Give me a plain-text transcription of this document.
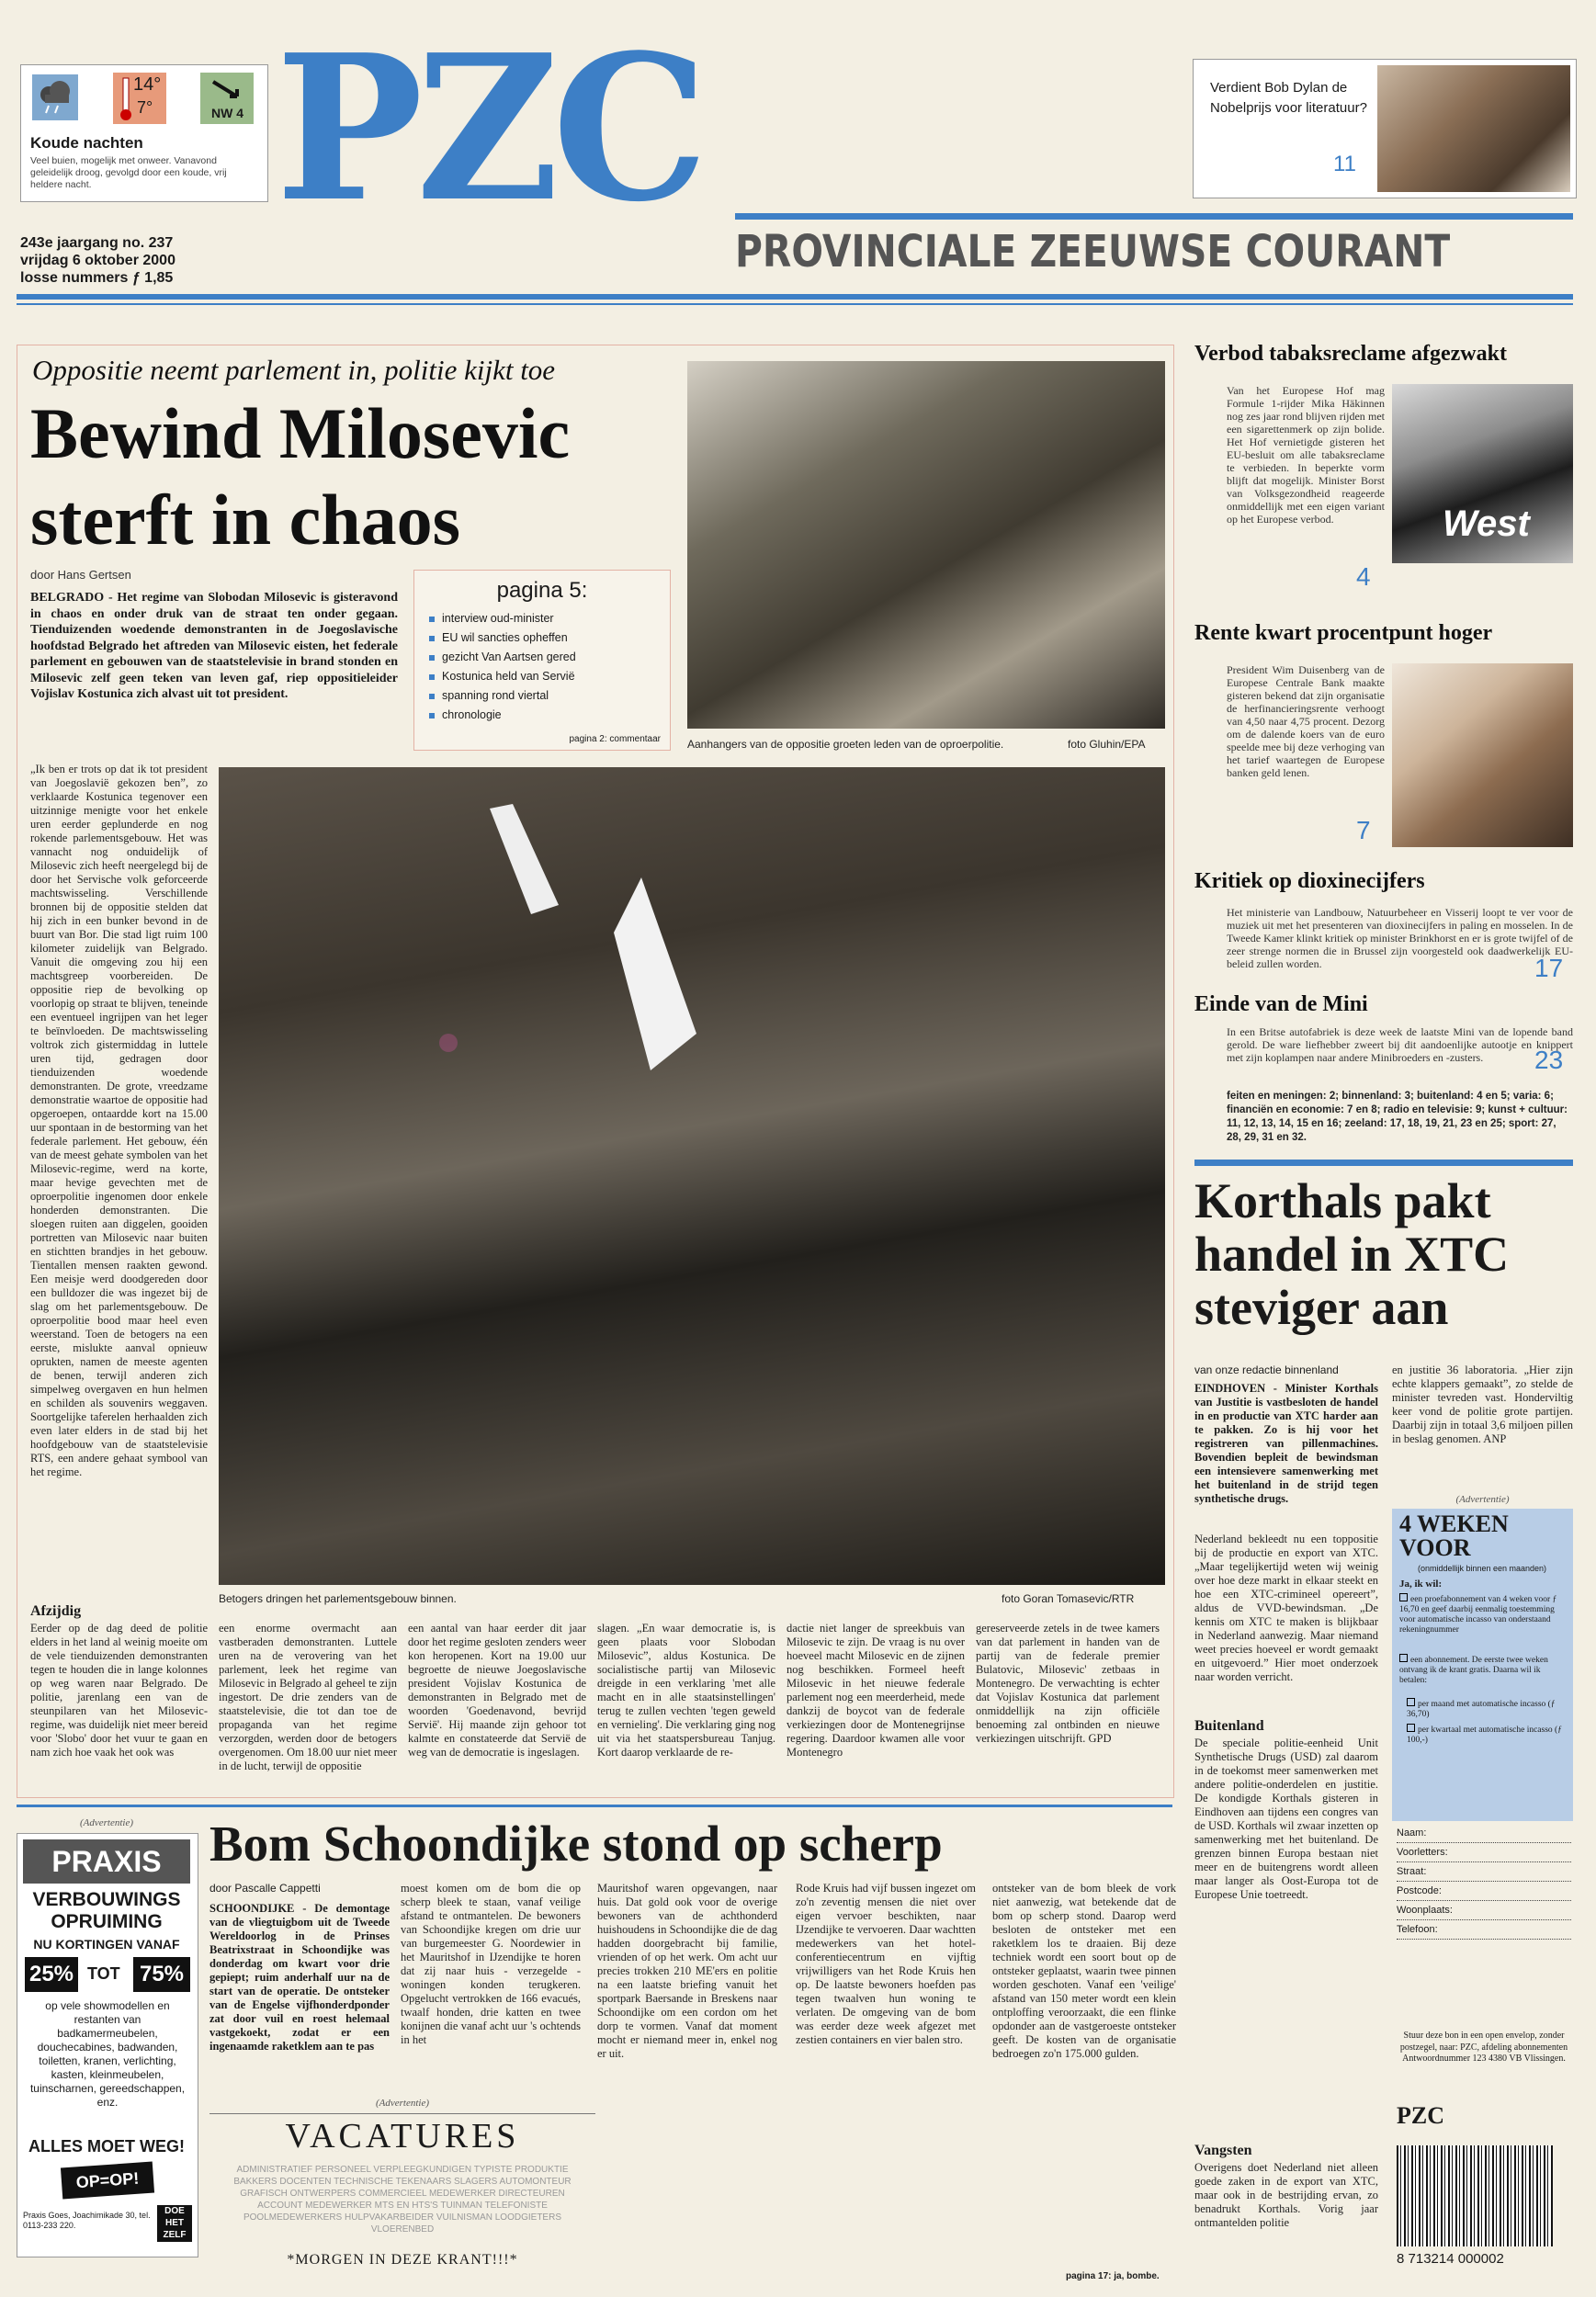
14°
7°	NW 4
Koude nachten
Veel buien, mogelijk met onweer. Vanavond geleidelijk droog, gevolgd door een koude, vrij heldere nacht. PZC
243e jaargang no. 237
vrijdag 6 oktober 2000
losse nummers ƒ 1,85
PROVINCIALE ZEEUWSE COURANT
Verdient Bob Dylan de Nobelprijs voor literatuur?
11
Oppositie neemt parlement in, politie kijkt toe
Bewind Milosevic
sterft in chaos
door Hans Gertsen
BELGRADO - Het regime van Slobodan Milosevic is gisteravond in chaos en onder druk van de straat ten onder gegaan. Tienduizenden woedende demonstranten in de Joegoslavische hoofdstad Belgrado het aftreden van Milosevic eisten, het federale parlement en gebouwen van de staatstelevisie in brand stonden en Milosevic zelf geen teken van leven gaf, riep oppositieleider Vojislav Kostunica zich alvast uit tot president.
pagina 5:
interview oud-minister
EU wil sancties opheffen
gezicht Van Aartsen gered
Kostunica held van Servië
spanning rond viertal
chronologie
pagina 2: commentaar Aanhangers van de oppositie groeten leden van de oproerpolitie.	foto Gluhin/EPA
„Ik ben er trots op dat ik tot president van Joegoslavië gekozen ben”, zo verklaarde Kostunica tegenover een uitzinnige menigte voor het enkele uren eerder geplunderde en nog rokende parlementsgebouw. Het was vannacht nog onduidelijk of Milosevic zich heeft neergelegd bij de door het Servische volk geforceerde machtswisseling. Verschillende bronnen bij de oppositie stelden dat hij zich in een bunker bevond in de buurt van Bor. Die stad ligt ruim 100 kilometer zuidelijk van Belgrado. Vanuit die omgeving zou hij een machtsgreep voorbereiden. De oppositie riep de bevolking op voorlopig op straat te blijven, teneinde een eventueel ingrijpen van het leger te beïnvloeden. De machtswisseling voltrok zich gistermiddag in luttele uren tijd, gedragen door tienduizenden woedende demonstranten. De grote, vreedzame demonstratie waartoe de oppositie had opgeroepen, ontaardde kort na 15.00 uur spontaan in de bestorming van het federale parlement. Het gebouw, één van de meest gehate symbolen van het Milosevic-regime, werd na korte, maar hevige gevechten met de oproerpolitie ingenomen door enkele honderden demonstranten. Die sloegen ruiten aan diggelen, gooiden portretten van Milosevic naar buiten en stichtten brandjes in het gebouw. Tientallen mensen raakten gewond. Een meisje werd doodgereden door een bulldozer die was ingezet bij de slag om het parlementsgebouw. De oproerpolitie bood maar heel even weerstand. Toen de betogers na een eerste, mislukte aanval opnieuw oprukten, namen de meeste agenten de benen, terwijl anderen zich simpelweg overgaven en hun helmen en schilden als souvenirs weggaven. Soortgelijke taferelen herhaalden zich even later elders in de stad bij het hoofdgebouw van de staatstelevisie RTS, een andere gehaat symbool van het regime.
Afzijdig
Eerder op de dag deed de politie elders in het land al weinig moeite om de vele tienduizenden demonstranten tegen te houden die in lange kolonnes op weg waren naar Belgrado. De politie, jarenlang een van de steunpilaren van het Milosevic-regime, was duidelijk niet meer bereid voor 'Slobo' door het vuur te gaan en nam zich hoe vaak het ook was
Betogers dringen het parlementsgebouw binnen.	foto Goran Tomasevic/RTR
een enorme overmacht aan vastberaden demonstranten. Luttele uren na de verovering van het parlement, leek het regime van Milosevic in Belgrado al geheel te zijn ingestort. De drie zenders van de staatstelevisie, die tot dan toe de propaganda van het regime verzorgden, werden door de betogers overgenomen. Om 18.00 uur niet meer in de lucht, terwijl de oppositie
een aantal van haar eerder dit jaar door het regime gesloten zenders weer kon heropenen. Kort na 19.00 uur begroette de nieuwe Joegoslavische president Vojislav Kostunica de demonstranten in Belgrado met de woorden 'Goedenavond, bevrijd Servië'. Hij maande zijn gehoor tot kalmte en constateerde dat Servië de weg van de democratie is ingeslagen.
slagen. „En waar democratie is, is geen plaats voor Slobodan Milosevic”, aldus Kostunica. De socialistische partij van Milosevic dreigde in een verklaring 'met alle macht en in alle staatsinstellingen' terug te zullen vechten 'tegen geweld en vernieling'. Die verklaring ging nog uit via het staatspersbureau Tanjug. Kort daarop verklaarde de re-
dactie niet langer de spreekbuis van Milosevic te zijn. De vraag is nu over hoeveel macht Milosevic en de zijnen nog beschikken. Formeel heeft Milosevic in het nieuwe federale parlement nog een meerderheid, mede dankzij de boycot van de federale verkiezingen door de Montenegrijnse regering. Daardoor kwamen alle voor Montenegro
gereserveerde zetels in de twee kamers van dat parlement in handen van de partij van de federale premier Bulatovic, Milosevic' zetbaas in Montenegro. De verwachting is echter dat Vojislav Kostunica dat parlement onmiddellijk na zijn officiële benoeming zal ontbinden en nieuwe verkiezingen uitschrijft. GPD
Verbod tabaksreclame afgezwakt
Van het Europese Hof mag Formule 1-rijder Mika Häkinnen nog zes jaar rond blijven rijden met een sigarettenmerk op zijn bolide. Het Hof vernietigde gisteren het EU-besluit om alle tabaksreclame te verbieden. In beperkte vorm blijft dat mogelijk. Minister Borst van Volksgezondheid reageerde onmiddellijk met een eigen variant op het Europese verbod.
4
West
Rente kwart procentpunt hoger
President Wim Duisenberg van de Europese Centrale Bank maakte gisteren bekend dat zijn organisatie de herfinancieringsrente verhoogt van 4,50 naar 4,75 procent. Dezorg om de dalende koers van de euro speelde mee bij deze verhoging van het tarief waartegen de Europese banken geld lenen.
7
Kritiek op dioxinecijfers
Het ministerie van Landbouw, Natuurbeheer en Visserij loopt te ver voor de muziek uit met het presenteren van dioxinecijfers in paling en mosselen. In de Tweede Kamer klinkt kritiek op minister Brinkhorst en er is grote twijfel of de zeer strenge normen die in Brussel zijn voorgesteld ook daadwerkelijk EU-beleid zullen worden.	17
Einde van de Mini
In een Britse autofabriek is deze week de laatste Mini van de lopende band gerold. De ware liefhebber zweert bij dit aandoenlijke autootje en knippert met zijn koplampen naar andere Minibroeders en -zusters.	23
feiten en meningen: 2; binnenland: 3; buitenland: 4 en 5; varia: 6; financiën en economie: 7 en 8; radio en televisie: 9; kunst + cultuur: 11, 12, 13, 14, 15 en 16; zeeland: 17, 18, 19, 21, 23 en 25; sport: 27, 28, 29, 31 en 32.
Korthals pakt handel in XTC steviger aan
van onze redactie binnenland
EINDHOVEN - Minister Korthals van Justitie is vastbesloten de handel in en productie van XTC harder aan te pakken. Zo is hij voor het registreren van pillenmachines. Bovendien bepleit de bewindsman een intensievere samenwerking met het buitenland in de strijd tegen synthetische drugs.
Nederland bekleedt nu een toppositie bij de productie en export van XTC. „Maar tegelijkertijd weten wij weinig over hoe deze markt in elkaar steekt en hoe een XTC-crimineel opereert”, aldus de VVD-bewindsman. „De kennis om XTC te maken is blijkbaar in Nederland aanwezig. Maar niemand weet precies hoeveel er wordt gemaakt en uitgevoerd.” Hier moet onderzoek naar worden verricht.
Buitenland
De speciale politie-eenheid Unit Synthetische Drugs (USD) zal daarom in de toekomst meer samenwerken met andere politie-onderdelen en justitie. De kondigde Korthals gisteren in Eindhoven aan tijdens een congres van de USD. Korthals wil zwaar inzetten op samenwerking met het buitenland. De grenzen binnen Europa bestaan niet meer en de buitengrens wordt alleen maar langer als Oost-Europa tot de Europese Unie toetreedt.
Vangsten
Overigens doet Nederland niet alleen goede zaken in de export van XTC, maar ook in de bestrijding ervan, zo benadrukt Korthals. Vorig jaar ontmantelden politie
en justitie 36 laboratoria. „Hier zijn echte klappers gemaakt”, zo stelde de minister tevreden vast. Honderviltig keer vond de politie grote partijen. Daarbij zijn in totaal 3,6 miljoen pillen in beslag genomen. ANP
(Advertentie)
4 WEKEN VOOR
(onmiddellijk binnen een maanden)
Ja, ik wil:
een proefabonnement van 4 weken voor ƒ 16,70 en geef daarbij eenmalig toestemming voor automatische incasso van onderstaand rekeningnummer
een abonnement. De eerste twee weken ontvang ik de krant gratis. Daarna wil ik betalen:
per maand met automatische incasso (ƒ 36,70)
per kwartaal met automatische incasso (ƒ 100,-)
Naam:
Voorletters:
Straat:
Postcode:
Woonplaats:
Telefoon:
Stuur deze bon in een open envelop, zonder postzegel, naar: PZC, afdeling abonnementen Antwoordnummer 123 4380 VB Vlissingen.
PZC
8 713214 000002
(Advertentie)
PRAXIS
VERBOUWINGS OPRUIMING
NU KORTINGEN VANAF
25% TOT 75%
op vele showmodellen en restanten van badkamermeubelen, douchecabines, badwanden, toiletten, kranen, verlichting, kasten, kleinmeubelen, tuinscharnen, gereedschappen, enz.
ALLES MOET WEG!
OP=OP!
Praxis Goes, Joachimikade 30, tel. 0113-233 220.
DOE
HET
ZELF
Bom Schoondijke stond op scherp
door Pascalle Cappetti
SCHOONDIJKE - De demontage van de vliegtuigbom uit de Tweede Wereldoorlog in de Prinses Beatrixstraat in Schoondijke was donderdag om kwart voor drie gepiept; ruim anderhalf uur na de start van de operatie. De ontsteker van de Engelse vijfhonderdponder zat door vuil en roest helemaal vastgekoekt, zodat er een ingenaamde raketklem aan te pas
moest komen om de bom die op scherp bleek te staan, vanaf veilige afstand te ontmantelen. De bewoners van Schoondijke kregen om drie uur van burgemeester G. Noordewier in het Mauritshof in IJzendijke te horen dat zij naar huis - verzegelde - woningen konden terugkeren. Opgelucht vertrokken de 166 evacués, twaalf honden, drie katten en twee konijnen die vanaf acht uur 's ochtends in het
Mauritshof waren opgevangen, naar huis. Dat gold ook voor de overige bewoners van de achthonderd huishoudens in Schoondijke die de dag hadden doorgebracht bij familie, vrienden of op het werk. Om acht uur precies trokken 210 ME'ers en politie na een laatste briefing vanuit het sportpark Baersande in Breskens naar Schoondijke om een cordon om het dorp te vormen. Vanaf dat moment mocht er niemand meer in, enkel nog er uit.
Rode Kruis had vijf bussen ingezet om zo'n zeventig mensen die niet over eigen vervoer beschikten, naar IJzendijke te vervoeren. Daar wachtten medewerkers van het hotel-conferentiecentrum en vijftig vrijwilligers van het Rode Kruis hen op. De laatste bewoners hoefden pas tegen twaalven hun woning te verlaten. De omgeving van de bom was eerder deze week afgezet met zestien containers en vier balen stro.
ontsteker van de bom bleek de vork niet aanwezig, wat betekende dat de bom op scherp stond. Daarop werd besloten de ontsteker met een raketklem los te draaien. Bij deze techniek wordt een soort bout op de ontsteker geplaatst, waarin twee pinnen worden geschoten. Vanaf een 'veilige' afstand van 150 meter wordt een klein ontploffing veroorzaakt, die een flinke opdonder aan de vastgeroeste ontsteker geeft. De kosten van de organisatie bedroegen zo'n 175.000 gulden.
pagina 17: ja, bombe.
(Advertentie)
VACATURES
ADMINISTRATIEF PERSONEEL VERPLEEGKUNDIGEN TYPISTE PRODUKTIE BAKKERS DOCENTEN TECHNISCHE TEKENAARS SLAGERS AUTOMONTEUR GRAFISCH ONTWERPERS COMMERCIEEL MEDEWERKER DIRECTEUREN ACCOUNT MEDEWERKER MTS EN HTS'S TUINMAN TELEFONISTE POOLMEDEWERKERS HULPVAKARBEIDER VUILNISMAN LOODGIETERS VLOERENBED
*MORGEN IN DEZE KRANT!!!*
